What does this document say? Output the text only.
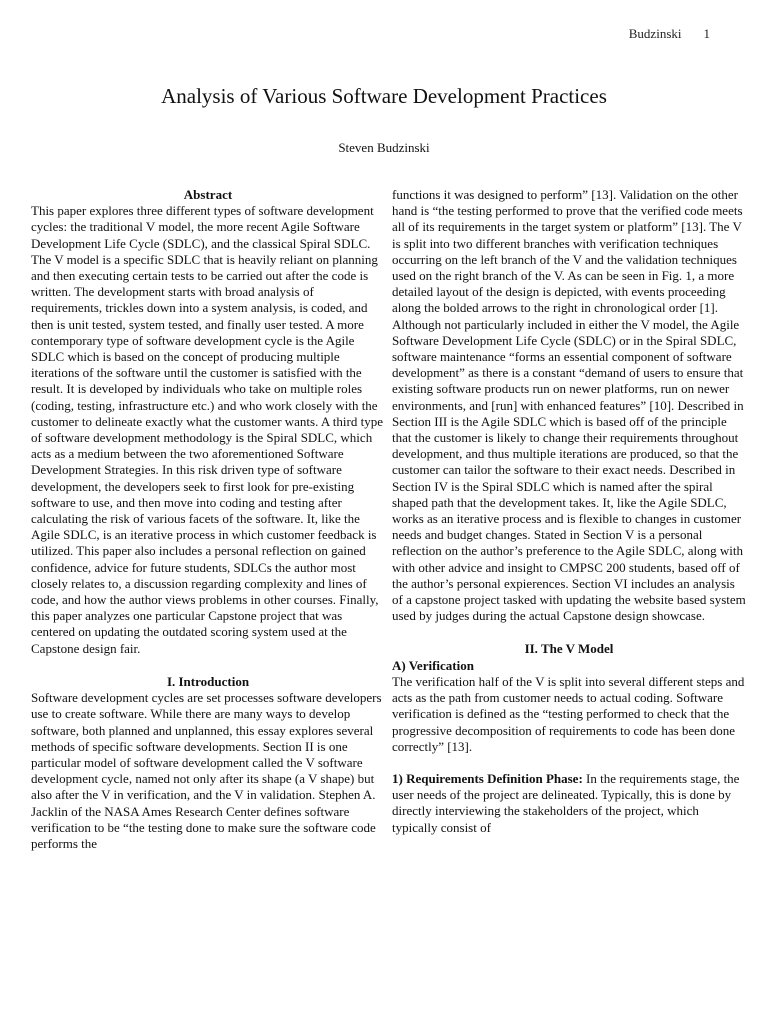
Budzinski 1
Analysis of Various Software Development Practices
Steven Budzinski

Abstract

This paper explores three different types of software development cycles: the traditional V model, the more recent Agile Software Development Life Cycle (SDLC), and the classical Spiral SDLC. The V model is a specific SDLC that is heavily reliant on planning and then executing certain tests to be carried out after the code is written. The development starts with broad analysis of requirements, trickles down into a system analysis, is coded, and then is unit tested, system tested, and finally user tested. A more contemporary type of software development cycle is the Agile SDLC which is based on the concept of producing multiple iterations of the software until the customer is satisfied with the result. It is developed by individuals who take on multiple roles (coding, testing, infrastructure etc.) and who work closely with the customer to delineate exactly what the customer wants. A third type of software development methodology is the Spiral SDLC, which acts as a medium between the two aforementioned Software Development Strategies. In this risk driven type of software development, the developers seek to first look for pre-existing software to use, and then move into coding and testing after calculating the risk of various facets of the software. It, like the Agile SDLC, is an iterative process in which customer feedback is utilized. This paper also includes a personal reflection on gained confidence, advice for future students, SDLCs the author most closely relates to, a discussion regarding complexity and lines of code, and how the author views problems in other courses. Finally, this paper analyzes one particular Capstone project that was centered on updating the outdated scoring system used at the Capstone design fair.

I. Introduction

Software development cycles are set processes software developers use to create software. While there are many ways to develop software, both planned and unplanned, this essay explores several methods of specific software developments. Section II is one particular model of software development called the V software development cycle, named not only after its shape (a V shape) but also after the V in verification, and the V in validation. Stephen A. Jacklin of the NASA Ames Research Center defines software verification to be “the testing done to make sure the software code performs the

functions it was designed to perform” [13]. Validation on the other hand is “the testing performed to prove that the verified code meets all of its requirements in the target system or platform” [13]. The V is split into two different branches with verification techniques occurring on the left branch of the V and the validation techniques used on the right branch of the V. As can be seen in Fig. 1, a more detailed layout of the design is depicted, with events proceeding along the bolded arrows to the right in chronological order [1]. Although not particularly included in either the V model, the Agile Software Development Life Cycle (SDLC) or in the Spiral SDLC, software maintenance “forms an essential component of software development” as there is a constant “demand of users to ensure that existing software products run on newer platforms, run on newer environments, and [run] with enhanced features” [10]. Described in Section III is the Agile SDLC which is based off of the principle that the customer is likely to change their requirements throughout development, and thus multiple iterations are produced, so that the customer can tailor the software to their exact needs. Described in Section IV is the Spiral SDLC which is named after the spiral shaped path that the development takes. It, like the Agile SDLC, works as an iterative process and is flexible to changes in customer needs and budget changes. Stated in Section V is a personal reflection on the author’s preference to the Agile SDLC, along with with other advice and insight to CMPSC 200 students, based off of the author’s personal expierences. Section VI includes an analysis of a capstone project tasked with updating the website based system used by judges during the actual Capstone design showcase.

II. The V Model

A) Verification

The verification half of the V is split into several different steps and acts as the path from customer needs to actual coding. Software verification is defined as the “testing performed to check that the progressive decomposition of requirements to code has been done correctly” [13].

1) Requirements Definition Phase: In the requirements stage, the user needs of the project are delineated. Typically, this is done by directly interviewing the stakeholders of the project, which typically consist of
